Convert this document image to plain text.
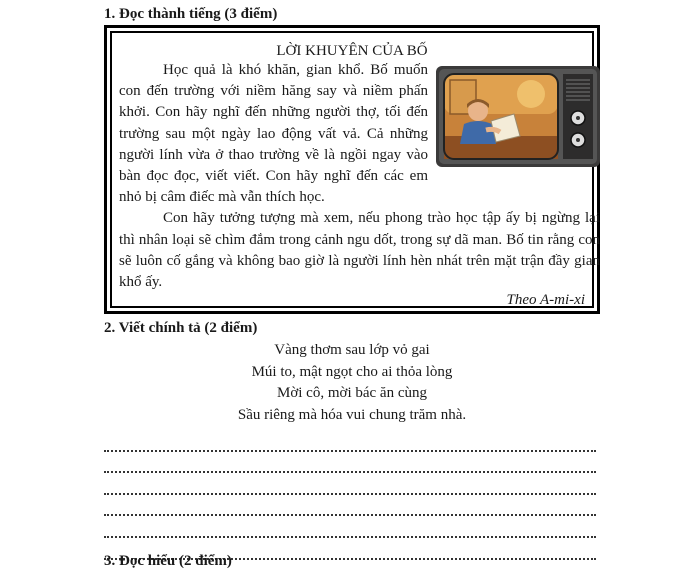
1. Đọc thành tiếng (3 điểm)
LỜI KHUYÊN CỦA BỐ

Học quả là khó khăn, gian khổ. Bố muốn con đến trường với niềm hăng say và niềm phấn khởi. Con hãy nghĩ đến những người thợ, tối đến trường sau một ngày lao động vất vả. Cả những người lính vừa ở thao trường về là ngồi ngay vào bàn đọc đọc, viết viết. Con hãy nghĩ đến các em nhỏ bị câm điếc mà vẫn thích học.

Con hãy tưởng tượng mà xem, nếu phong trào học tập ấy bị ngừng lại thì nhân loại sẽ chìm đắm trong cảnh ngu dốt, trong sự dã man. Bố tin rằng con sẽ luôn cố gắng và không bao giờ là người lính hèn nhát trên mặt trận đầy gian khổ ấy.

Theo A-mi-xi
2. Viết chính tả (2 điểm)
Vàng thơm sau lớp vỏ gai
Múi to, mật ngọt cho ai thỏa lòng
Mời cô, mời bác ăn cùng
Sầu riêng mà hóa vui chung trăm nhà.
3. Đọc hiểu (2 điểm)
